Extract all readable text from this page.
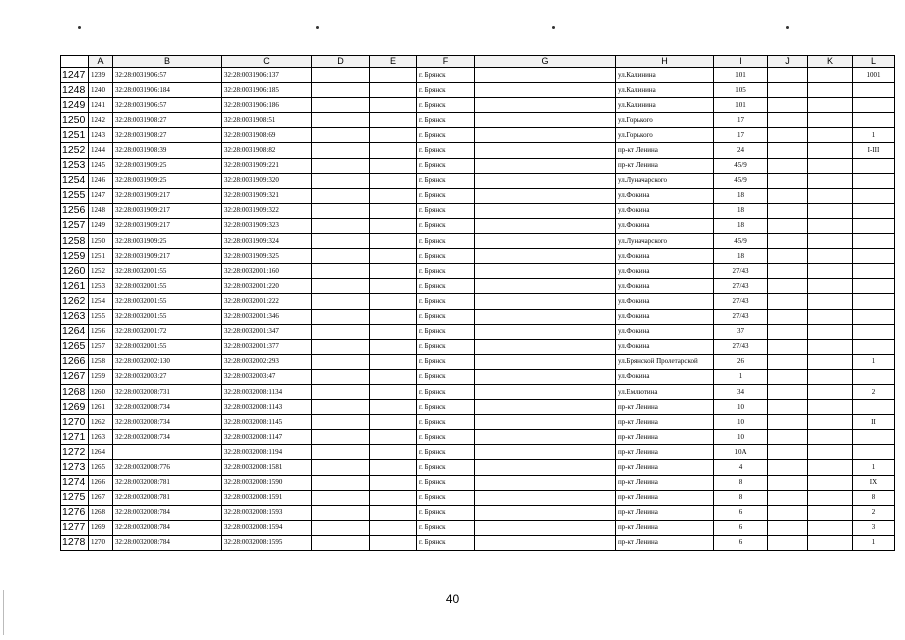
	A	B	C	D	E	F	G	H	I	J	K	L
1247	1239	32:28:0031906:57	32:28:0031906:137			г. Брянск		ул.Калинина	101			1001
1248	1240	32:28:0031906:184	32:28:0031906:185			г. Брянск		ул.Калинина	105			
1249	1241	32:28:0031906:57	32:28:0031906:186			г. Брянск		ул.Калинина	101			
1250	1242	32:28:0031908:27	32:28:0031908:51			г. Брянск		ул.Горького	17			
1251	1243	32:28:0031908:27	32:28:0031908:69			г. Брянск		ул.Горького	17			1
1252	1244	32:28:0031908:39	32:28:0031908:82			г. Брянск		пр-кт Ленина	24			I-III
1253	1245	32:28:0031909:25	32:28:0031909:221			г. Брянск		пр-кт Ленина	45/9			
1254	1246	32:28:0031909:25	32:28:0031909:320			г. Брянск		ул.Луначарского	45/9			
1255	1247	32:28:0031909:217	32:28:0031909:321			г. Брянск		ул.Фокина	18			
1256	1248	32:28:0031909:217	32:28:0031909:322			г. Брянск		ул.Фокина	18			
1257	1249	32:28:0031909:217	32:28:0031909:323			г. Брянск		ул.Фокина	18			
1258	1250	32:28:0031909:25	32:28:0031909:324			г. Брянск		ул.Луначарского	45/9			
1259	1251	32:28:0031909:217	32:28:0031909:325			г. Брянск		ул.Фокина	18			
1260	1252	32:28:0032001:55	32:28:0032001:160			г. Брянск		ул.Фокина	27/43			
1261	1253	32:28:0032001:55	32:28:0032001:220			г. Брянск		ул.Фокина	27/43			
1262	1254	32:28:0032001:55	32:28:0032001:222			г. Брянск		ул.Фокина	27/43			
1263	1255	32:28:0032001:55	32:28:0032001:346			г. Брянск		ул.Фокина	27/43			
1264	1256	32:28:0032001:72	32:28:0032001:347			г. Брянск		ул.Фокина	37			
1265	1257	32:28:0032001:55	32:28:0032001:377			г. Брянск		ул.Фокина	27/43			
1266	1258	32:28:0032002:130	32:28:0032002:293			г. Брянск		ул.Брянской Пролетарской	26			1
1267	1259	32:28:0032003:27	32:28:0032003:47			г. Брянск		ул.Фокина	1			
1268	1260	32:28:0032008:731	32:28:0032008:1134			г. Брянск		ул.Емлютина	34			2
1269	1261	32:28:0032008:734	32:28:0032008:1143			г. Брянск		пр-кт Ленина	10			
1270	1262	32:28:0032008:734	32:28:0032008:1145			г. Брянск		пр-кт Ленина	10			II
1271	1263	32:28:0032008:734	32:28:0032008:1147			г. Брянск		пр-кт Ленина	10			
1272	1264		32:28:0032008:1194			г. Брянск		пр-кт Ленина	10А			
1273	1265	32:28:0032008:776	32:28:0032008:1581			г. Брянск		пр-кт Ленина	4			1
1274	1266	32:28:0032008:781	32:28:0032008:1590			г. Брянск		пр-кт Ленина	8			IX
1275	1267	32:28:0032008:781	32:28:0032008:1591			г. Брянск		пр-кт Ленина	8			8
1276	1268	32:28:0032008:784	32:28:0032008:1593			г. Брянск		пр-кт Ленина	6			2
1277	1269	32:28:0032008:784	32:28:0032008:1594			г. Брянск		пр-кт Ленина	6			3
1278	1270	32:28:0032008:784	32:28:0032008:1595			г. Брянск		пр-кт Ленина	6			1
40
